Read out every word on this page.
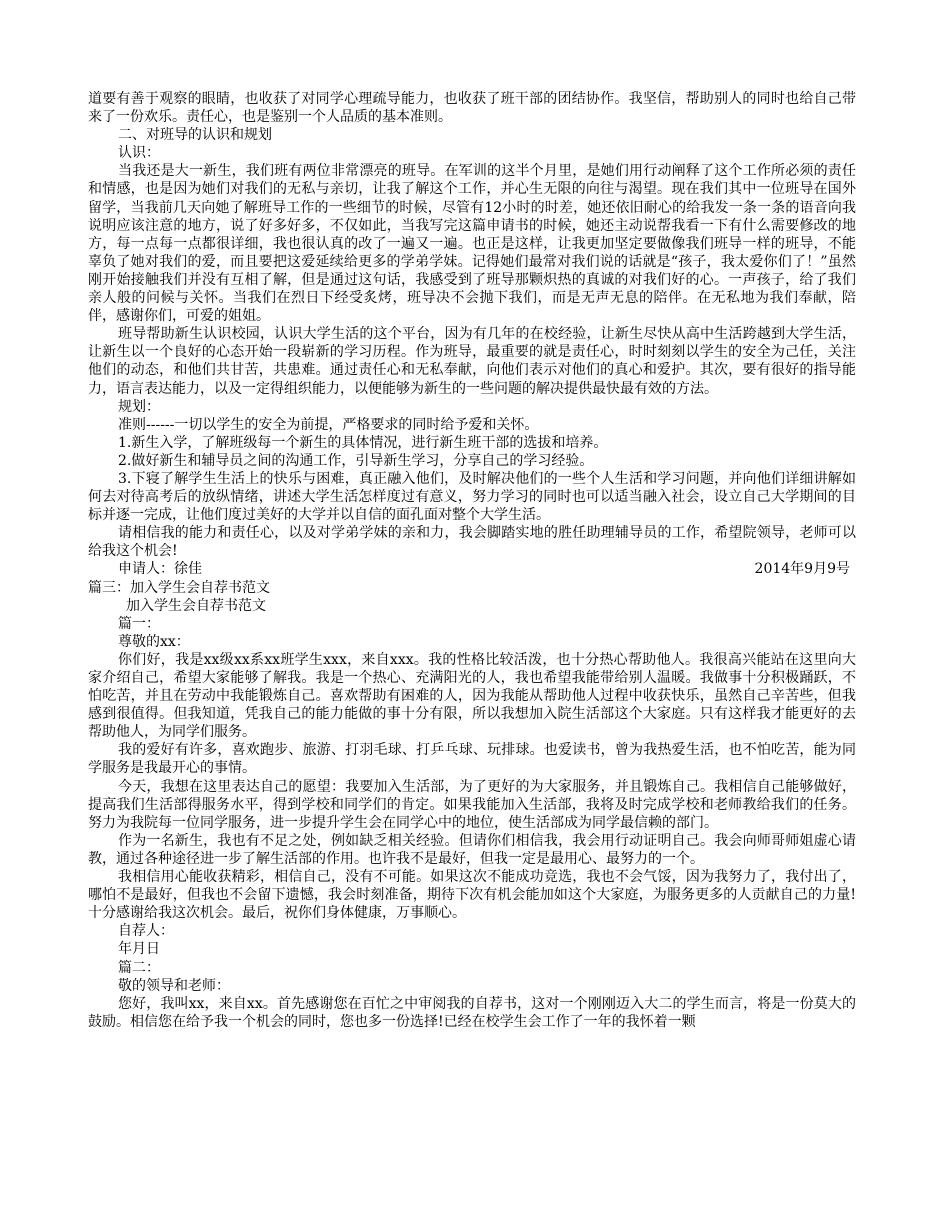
道要有善于观察的眼睛，也收获了对同学心理疏导能力，也收获了班干部的团结协作。我坚信，帮助别人的同时也给自己带来了一份欢乐。责任心，也是鉴别一个人品质的基本准则。

二、对班导的认识和规划

认识：

当我还是大一新生，我们班有两位非常漂亮的班导。在军训的这半个月里，是她们用行动阐释了这个工作所必须的责任和情感，也是因为她们对我们的无私与亲切，让我了解这个工作，并心生无限的向往与渴望。现在我们其中一位班导在国外留学，当我前几天向她了解班导工作的一些细节的时候，尽管有12小时的时差，她还依旧耐心的给我发一条一条的语音向我说明应该注意的地方，说了好多好多，不仅如此，当我写完这篇申请书的时候，她还主动说帮我看一下有什么需要修改的地方，每一点每一点都很详细，我也很认真的改了一遍又一遍。也正是这样，让我更加坚定要做像我们班导一样的班导，不能辜负了她对我们的爱，而且要把这爱延续给更多的学弟学妹。记得她们最常对我们说的话就是“孩子，我太爱你们了！”虽然刚开始接触我们并没有互相了解，但是通过这句话，我感受到了班导那颗炽热的真诚的对我们好的心。一声孩子，给了我们亲人般的问候与关怀。当我们在烈日下经受炙烤，班导决不会抛下我们，而是无声无息的陪伴。在无私地为我们奉献，陪伴，感谢你们，可爱的姐姐。

班导帮助新生认识校园，认识大学生活的这个平台，因为有几年的在校经验，让新生尽快从高中生活跨越到大学生活，让新生以一个良好的心态开始一段崭新的学习历程。作为班导，最重要的就是责任心，时时刻刻以学生的安全为己任，关注他们的动态，和他们共甘苦，共患难。通过责任心和无私奉献，向他们表示对他们的真心和爱护。其次，要有很好的指导能力，语言表达能力，以及一定得组织能力，以便能够为新生的一些问题的解决提供最快最有效的方法。

规划：

准则------一切以学生的安全为前提，严格要求的同时给予爱和关怀。

1.新生入学，了解班级每一个新生的具体情况，进行新生班干部的选拔和培养。

2.做好新生和辅导员之间的沟通工作，引导新生学习，分享自己的学习经验。

3.下寝了解学生生活上的快乐与困难，真正融入他们，及时解决他们的一些个人生活和学习问题，并向他们详细讲解如何去对待高考后的放纵情绪，讲述大学生活怎样度过有意义，努力学习的同时也可以适当融入社会，设立自己大学期间的目标并逐一完成，让他们度过美好的大学并以自信的面孔面对整个大学生活。

请相信我的能力和责任心，以及对学弟学妹的亲和力，我会脚踏实地的胜任助理辅导员的工作，希望院领导，老师可以给我这个机会!

申请人：徐佳	2014年9月9号

篇三：加入学生会自荐书范文

加入学生会自荐书范文

篇一：

尊敬的xx：

你们好，我是xx级xx系xx班学生xxx，来自xxx。我的性格比较活泼，也十分热心帮助他人。我很高兴能站在这里向大家介绍自己，希望大家能够了解我。我是一个热心、充满阳光的人，我也希望我能带给别人温暖。我做事十分积极踊跃，不怕吃苦，并且在劳动中我能锻炼自己。喜欢帮助有困难的人，因为我能从帮助他人过程中收获快乐，虽然自己辛苦些，但我感到很值得。但我知道，凭我自己的能力能做的事十分有限，所以我想加入院生活部这个大家庭。只有这样我才能更好的去帮助他人，为同学们服务。

我的爱好有许多，喜欢跑步、旅游、打羽毛球、打乒乓球、玩排球。也爱读书，曾为我热爱生活，也不怕吃苦，能为同学服务是我最开心的事情。

今天，我想在这里表达自己的愿望：我要加入生活部，为了更好的为大家服务，并且锻炼自己。我相信自己能够做好，提高我们生活部得服务水平，得到学校和同学们的肯定。如果我能加入生活部，我将及时完成学校和老师教给我们的任务。努力为我院每一位同学服务，进一步提升学生会在同学心中的地位，使生活部成为同学最信赖的部门。

作为一名新生，我也有不足之处，例如缺乏相关经验。但请你们相信我，我会用行动证明自己。我会向师哥师姐虚心请教，通过各种途径进一步了解生活部的作用。也许我不是最好，但我一定是最用心、最努力的一个。

我相信用心能收获精彩，相信自己，没有不可能。如果这次不能成功竞选，我也不会气馁，因为我努力了，我付出了，哪怕不是最好，但我也不会留下遗憾，我会时刻准备，期待下次有机会能加如这个大家庭，为服务更多的人贡献自己的力量!十分感谢给我这次机会。最后，祝你们身体健康，万事顺心。

自荐人：

年月日

篇二：

敬的领导和老师：

您好，我叫xx，来自xx。首先感谢您在百忙之中审阅我的自荐书，这对一个刚刚迈入大二的学生而言，将是一份莫大的鼓励。相信您在给予我一个机会的同时，您也多一份选择!已经在校学生会工作了一年的我怀着一颗
